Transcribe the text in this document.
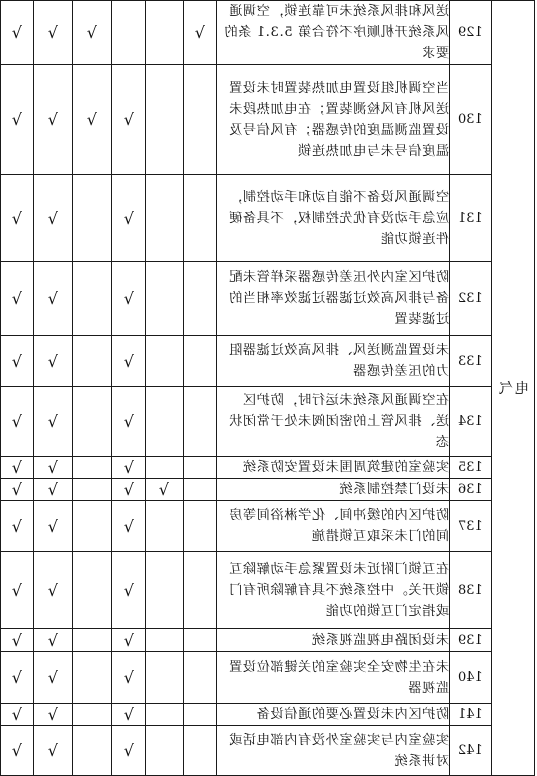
电气	129	送风和排风系统未可靠连锁，空调通风系统开机顺序不符合第 5.3.1 条的要求	√			√	√	√
	130	当空调机组设置电加热装置时未设置送风机有风检测装置；在电加热段未设置监测温度的传感器；有风信号及温度信号未与电加热连锁			√	√	√	√
	131	空调通风设备不能自动和手动控制，应急手动没有优先控制权，不具备硬件连锁功能			√		√	√
	132	防护区室内外压差传感器采样管未配备与排风高效过滤器过滤效率相当的过滤装置			√		√	√
	133	未设置监测送风、排风高效过滤器阻力的压差传感器			√		√	√
	134	在空调通风系统未运行时，防护区送、排风管上的密闭阀未处于常闭状态			√		√	√
	135	实验室的建筑周围未设置安防系统			√		√	√
	136	未设门禁控制系统		√	√		√	√
	137	防护区内的缓冲间、化学淋浴间等房间的门未采取互锁措施			√		√	√
	138	在互锁门附近未设置紧急手动解除互锁开关。中控系统不具有解除所有门或指定门互锁的功能			√		√	√
	139	未设闭路电视监视系统			√		√	√
	140	未在生物安全实验室的关键部位设置监视器			√		√	√
	141	防护区内未设置必要的通信设备			√		√	√
	142	实验室内与实验室外没有内部电话或对讲系统			√		√	√
